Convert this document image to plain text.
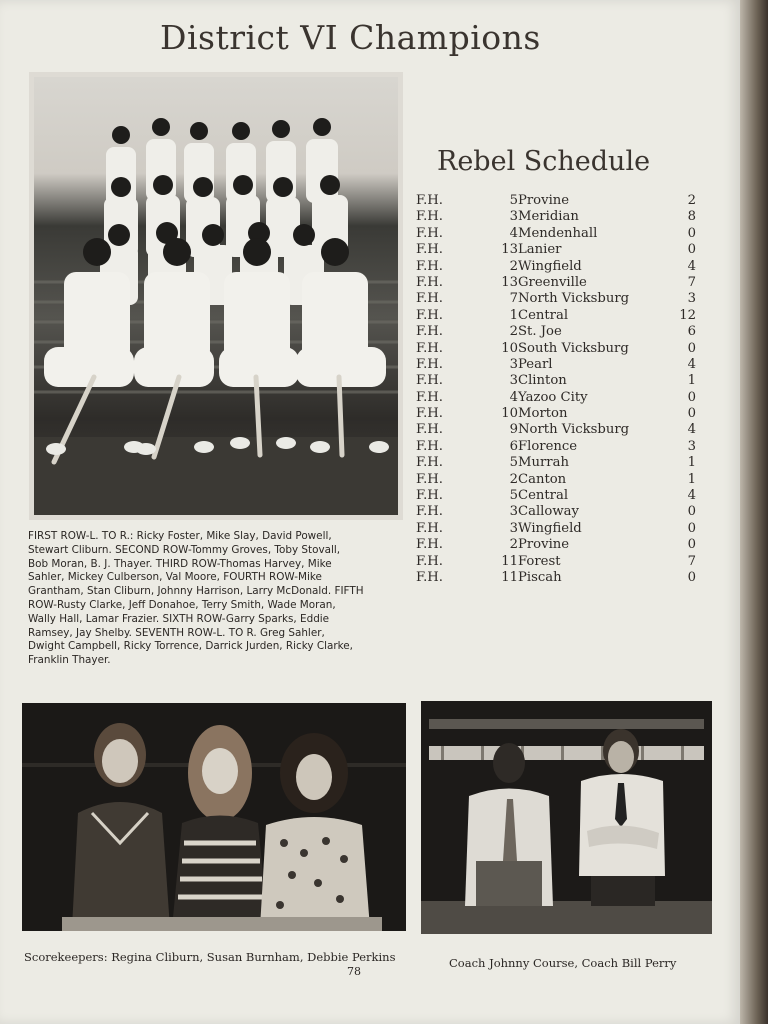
District VI Champions
Rebel Schedule
F.H.	5 Provine	2
F.H.	3 Meridian	8
F.H.	4 Mendenhall	0
F.H.	13 Lanier	0
F.H.	2 Wingfield	4
F.H.	13 Greenville	7
F.H.	7 North Vicksburg	3
F.H.	1 Central	12
F.H.	2 St. Joe	6
F.H.	10 South Vicksburg	0
F.H.	3 Pearl	4
F.H.	3 Clinton	1
F.H.	4 Yazoo City	0
F.H.	10 Morton	0
F.H.	9 North Vicksburg	4
F.H.	6 Florence	3
F.H.	5 Murrah	1
F.H.	2 Canton	1
F.H.	5 Central	4
F.H.	3 Calloway	0
F.H.	3 Wingfield	0
F.H.	2 Provine	0
F.H.	11 Forest	7
F.H.	11 Piscah	0
FIRST ROW-L. TO R.: Ricky Foster, Mike Slay, David Powell,
Stewart Cliburn. SECOND ROW-Tommy Groves, Toby Stovall,
Bob Moran, B. J. Thayer. THIRD ROW-Thomas Harvey, Mike
Sahler, Mickey Culberson, Val Moore, FOURTH ROW-Mike
Grantham, Stan Cliburn, Johnny Harrison, Larry McDonald. FIFTH
ROW-Rusty Clarke, Jeff Donahoe, Terry Smith, Wade Moran,
Wally Hall, Lamar Frazier. SIXTH ROW-Garry Sparks, Eddie
Ramsey, Jay Shelby. SEVENTH ROW-L. TO R. Greg Sahler,
Dwight Campbell, Ricky Torrence, Darrick Jurden, Ricky Clarke,
Franklin Thayer.
Scorekeepers: Regina Cliburn, Susan Burnham, Debbie Perkins	Coach Johnny Course, Coach Bill Perry
78
